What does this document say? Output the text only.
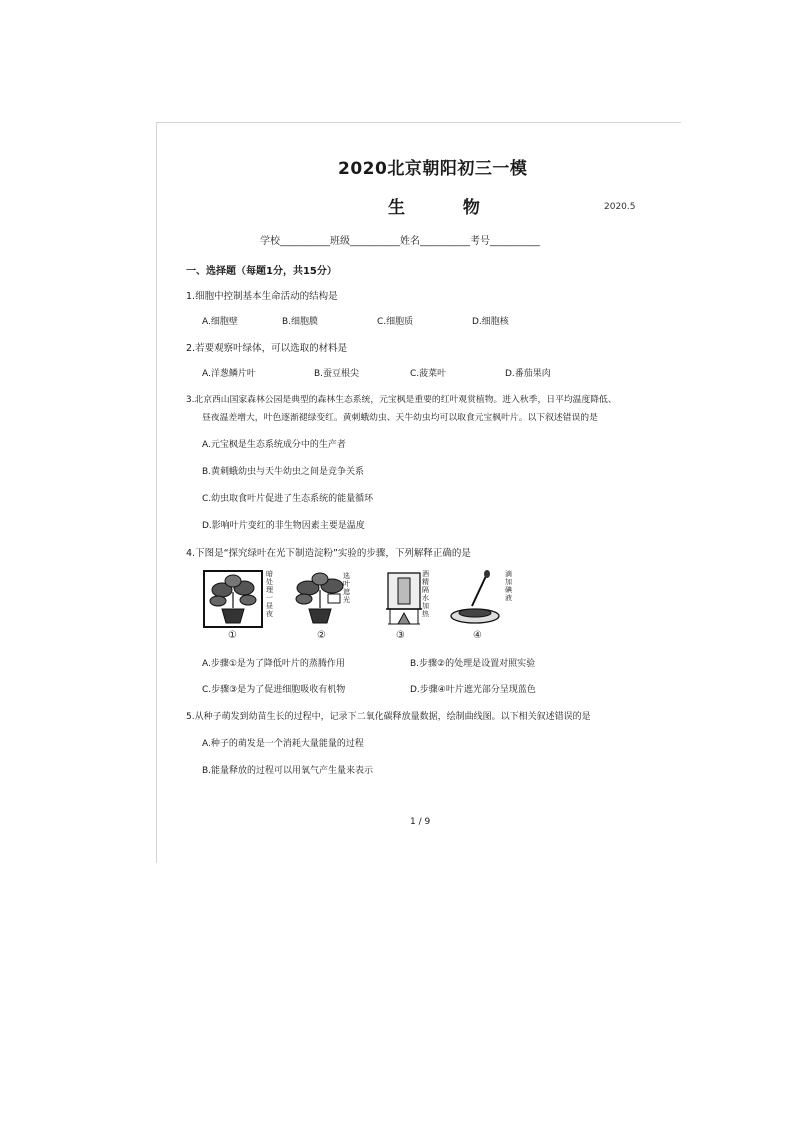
2020北京朝阳初三一模
生 物	2020.5
学校__________班级__________姓名__________考号__________
一、选择题（每题1分，共15分）
1.细胞中控制基本生命活动的结构是
A.细胞壁	B.细胞膜	C.细胞质	D.细胞核
2.若要观察叶绿体，可以选取的材料是
A.洋葱鳞片叶	B.蚕豆根尖	C.菠菜叶	D.番茄果肉
3.北京西山国家森林公园是典型的森林生态系统，元宝枫是重要的红叶观赏植物。进入秋季，日平均温度降低、
昼夜温差增大，叶色逐渐褪绿变红。黄刺蛾幼虫、天牛幼虫均可以取食元宝枫叶片。以下叙述错误的是
A.元宝枫是生态系统成分中的生产者
B.黄刺蛾幼虫与天牛幼虫之间是竞争关系
C.幼虫取食叶片促进了生态系统的能量循环
D.影响叶片变红的非生物因素主要是温度
4.下图是“探究绿叶在光下制造淀粉”实验的步骤，下列解释正确的是
暗处理一昼夜
选叶遮光
酒精隔水加热
滴加碘液
①	②	③	④
A.步骤①是为了降低叶片的蒸腾作用	B.步骤②的处理是设置对照实验
C.步骤③是为了促进细胞吸收有机物	D.步骤④叶片遮光部分呈现蓝色
5.从种子萌发到幼苗生长的过程中，记录下二氧化碳释放量数据，绘制曲线图。以下相关叙述错误的是
A.种子的萌发是一个消耗大量能量的过程
B.能量释放的过程可以用氧气产生量来表示
1 / 9
